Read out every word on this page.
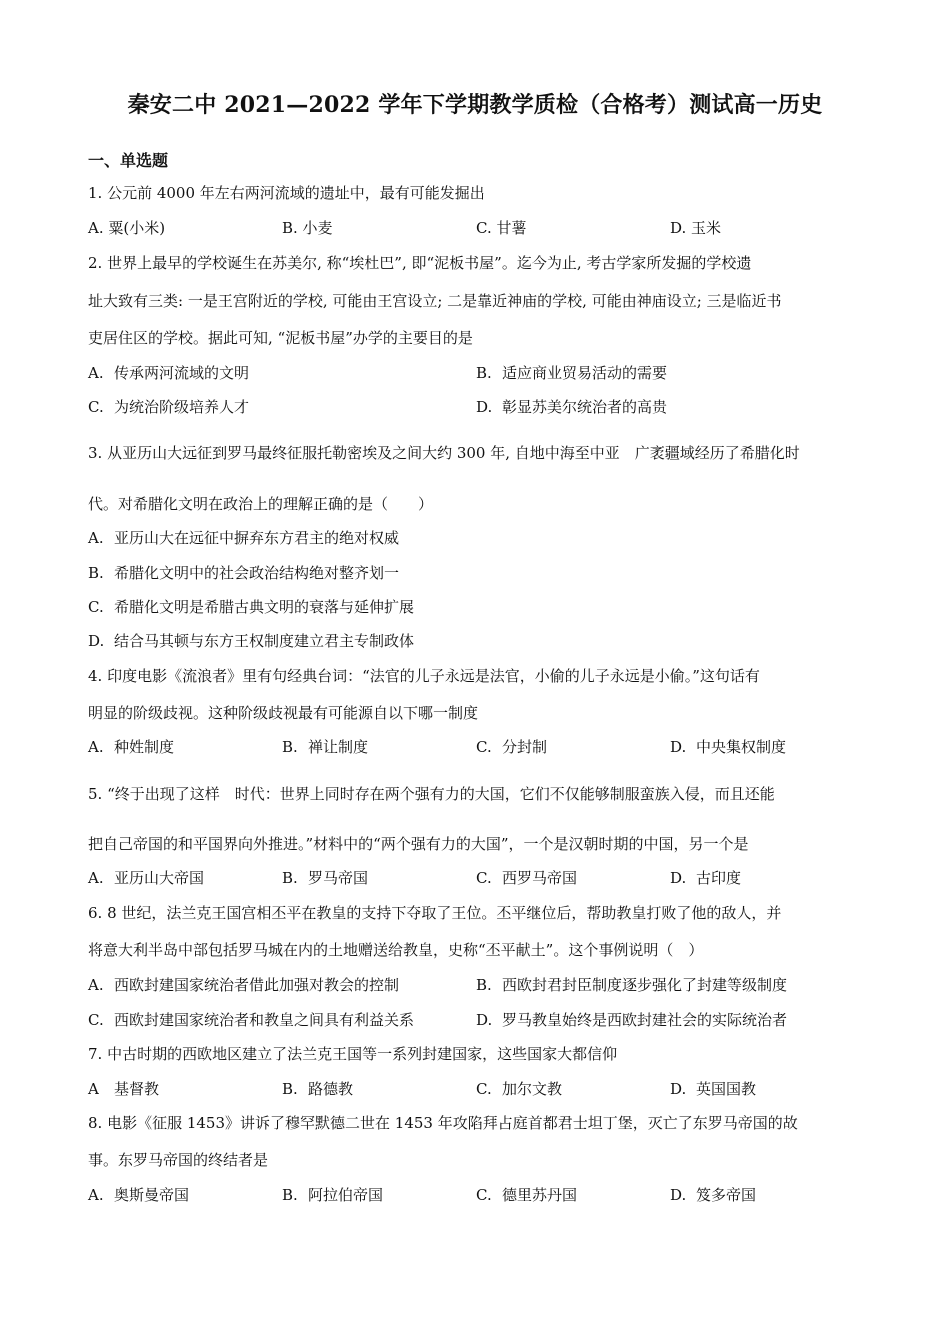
秦安二中 2021—2022 学年下学期教学质检（合格考）测试高一历史
一、单选题
1. 公元前 4000 年左右两河流域的遗址中，最有可能发掘出
A. 粟(小米)	B. 小麦	C. 甘薯	D. 玉米
2. 世界上最早的学校诞生在苏美尔, 称“埃杜巴”, 即“泥板书屋”。迄今为止, 考古学家所发掘的学校遗
址大致有三类: 一是王宫附近的学校, 可能由王宫设立; 二是靠近神庙的学校, 可能由神庙设立; 三是临近书
吏居住区的学校。据此可知, “泥板书屋”办学的主要目的是
A. 传承两河流域的文明	B. 适应商业贸易活动的需要
C. 为统治阶级培养人才	D. 彰显苏美尔统治者的高贵
3. 从亚历山大远征到罗马最终征服托勒密埃及之间大约 300 年, 自地中海至中亚　广袤疆域经历了希腊化时
代。对希腊化文明在政治上的理解正确的是（　　）
A. 亚历山大在远征中摒弃东方君主的绝对权威
B. 希腊化文明中的社会政治结构绝对整齐划一
C. 希腊化文明是希腊古典文明的衰落与延伸扩展
D. 结合马其顿与东方王权制度建立君主专制政体
4. 印度电影《流浪者》里有句经典台词：“法官的儿子永远是法官，小偷的儿子永远是小偷。”这句话有
明显的阶级歧视。这种阶级歧视最有可能源自以下哪一制度
A. 种姓制度	B. 禅让制度	C. 分封制	D. 中央集权制度
5. “终于出现了这样　时代：世界上同时存在两个强有力的大国，它们不仅能够制服蛮族入侵，而且还能
把自己帝国的和平国界向外推进。”材料中的“两个强有力的大国”，一个是汉朝时期的中国，另一个是
A. 亚历山大帝国	B. 罗马帝国	C. 西罗马帝国	D. 古印度
6. 8 世纪，法兰克王国宫相丕平在教皇的支持下夺取了王位。丕平继位后，帮助教皇打败了他的敌人，并
将意大利半岛中部包括罗马城在内的土地赠送给教皇，史称“丕平献土”。这个事例说明（　）
A. 西欧封建国家统治者借此加强对教会的控制	B. 西欧封君封臣制度逐步强化了封建等级制度
C. 西欧封建国家统治者和教皇之间具有利益关系	D. 罗马教皇始终是西欧封建社会的实际统治者
7. 中古时期的西欧地区建立了法兰克王国等一系列封建国家，这些国家大都信仰
A 基督教	B. 路德教	C. 加尔文教	D. 英国国教
8. 电影《征服 1453》讲诉了穆罕默德二世在 1453 年攻陷拜占庭首都君士坦丁堡，灭亡了东罗马帝国的故
事。东罗马帝国的终结者是
A. 奥斯曼帝国	B. 阿拉伯帝国	C. 德里苏丹国	D. 笈多帝国
